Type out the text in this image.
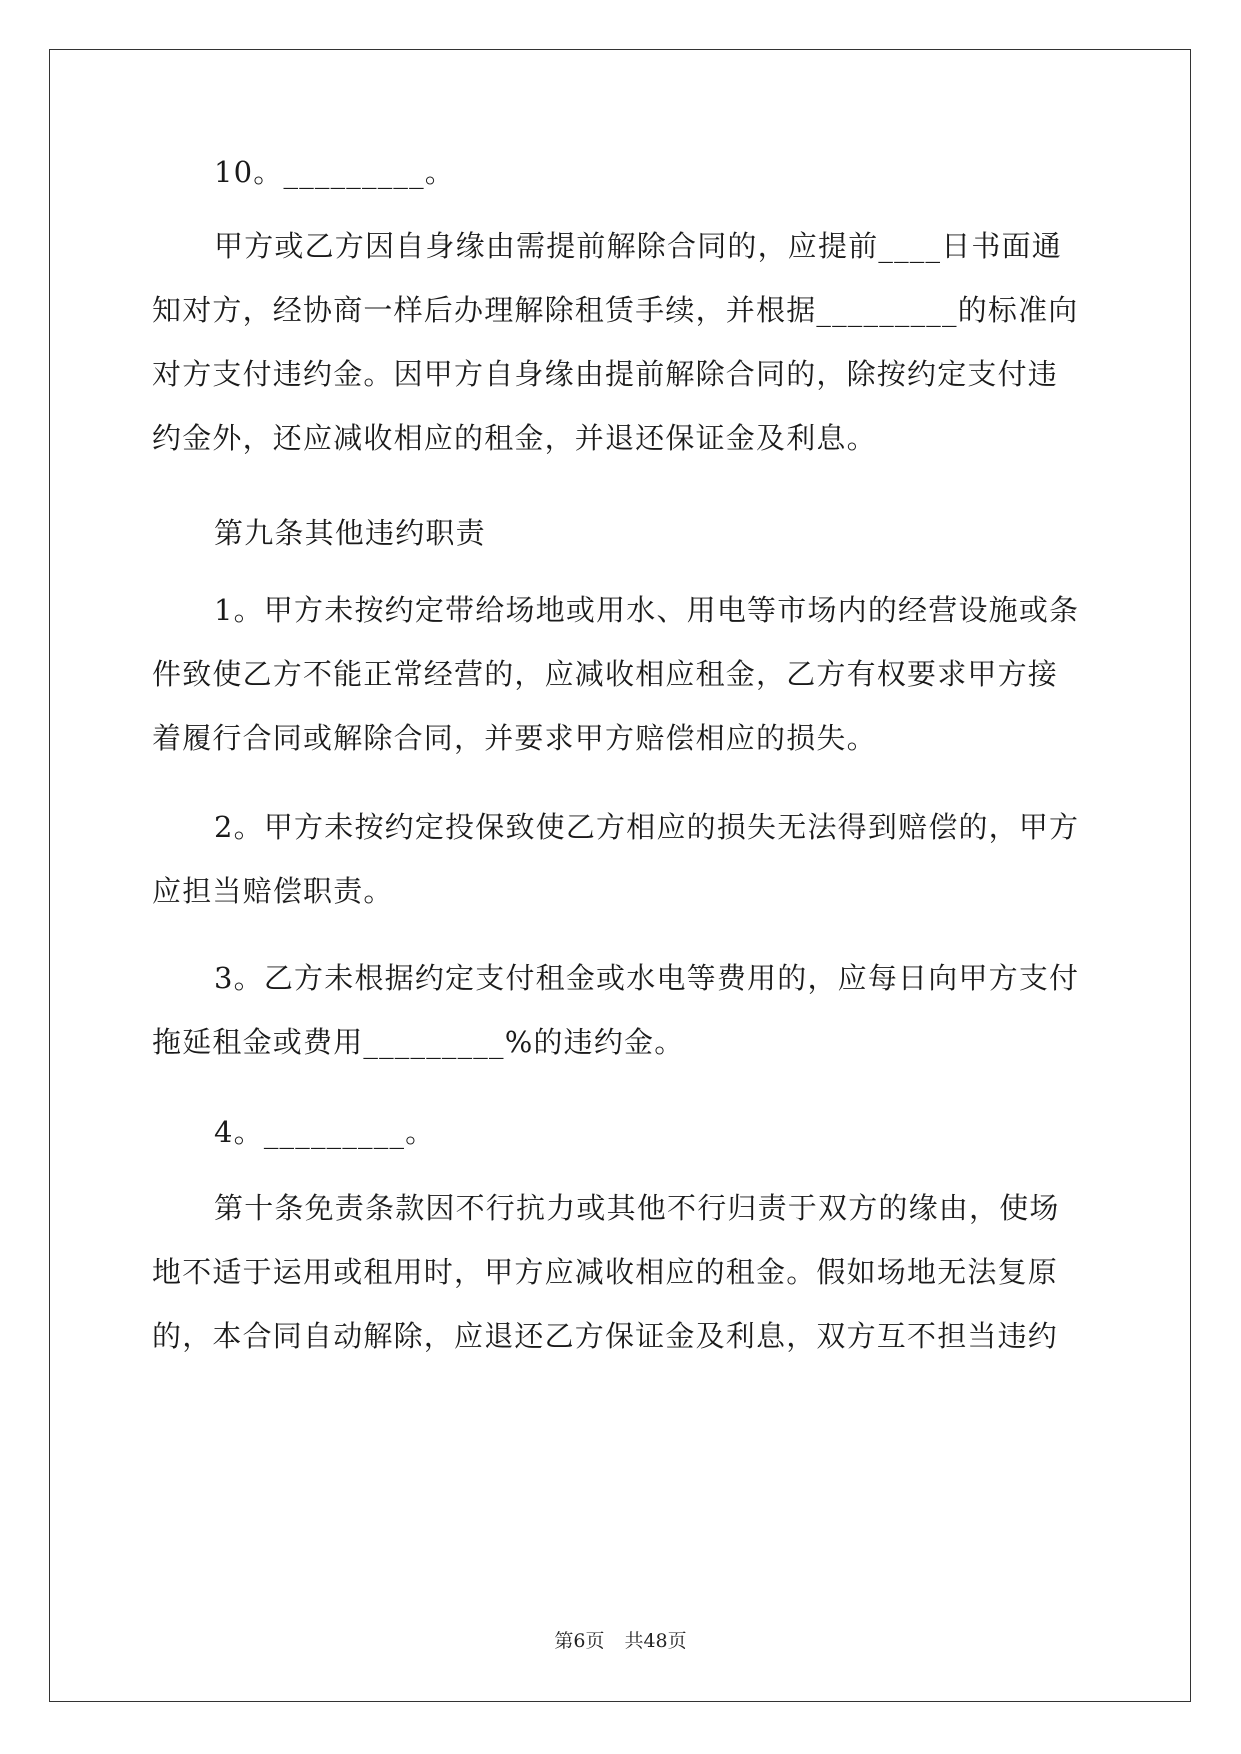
10。_________。

甲方或乙方因自身缘由需提前解除合同的，应提前____日书面通
知对方，经协商一样后办理解除租赁手续，并根据_________的标准向
对方支付违约金。因甲方自身缘由提前解除合同的，除按约定支付违
约金外，还应减收相应的租金，并退还保证金及利息。

第九条其他违约职责

1。甲方未按约定带给场地或用水、用电等市场内的经营设施或条
件致使乙方不能正常经营的，应减收相应租金，乙方有权要求甲方接
着履行合同或解除合同，并要求甲方赔偿相应的损失。

2。甲方未按约定投保致使乙方相应的损失无法得到赔偿的，甲方
应担当赔偿职责。

3。乙方未根据约定支付租金或水电等费用的，应每日向甲方支付
拖延租金或费用_________%的违约金。

4。_________。

第十条免责条款因不行抗力或其他不行归责于双方的缘由，使场
地不适于运用或租用时，甲方应减收相应的租金。假如场地无法复原
的，本合同自动解除，应退还乙方保证金及利息，双方互不担当违约

第6页 共48页
